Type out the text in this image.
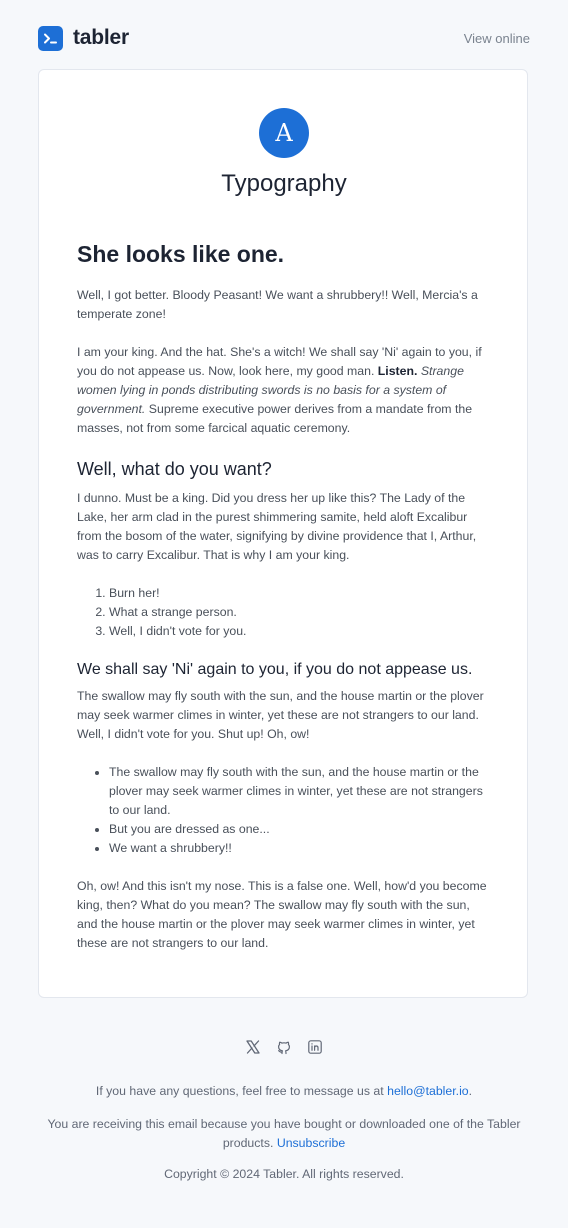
tabler	View online
A
Typography
She looks like one.

Well, I got better. Bloody Peasant! We want a shrubbery!! Well, Mercia's a temperate zone!

I am your king. And the hat. She's a witch! We shall say 'Ni' again to you, if you do not appease us. Now, look here, my good man. Listen. Strange women lying in ponds distributing swords is no basis for a system of government. Supreme executive power derives from a mandate from the masses, not from some farcical aquatic ceremony.

Well, what do you want?

I dunno. Must be a king. Did you dress her up like this? The Lady of the Lake, her arm clad in the purest shimmering samite, held aloft Excalibur from the bosom of the water, signifying by divine providence that I, Arthur, was to carry Excalibur. That is why I am your king.

1. Burn her!
2. What a strange person.
3. Well, I didn't vote for you.
We shall say 'Ni' again to you, if you do not appease us.

The swallow may fly south with the sun, and the house martin or the plover may seek warmer climes in winter, yet these are not strangers to our land. Well, I didn't vote for you. Shut up! Oh, ow!

• The swallow may fly south with the sun, and the house martin or the plover may seek warmer climes in winter, yet these are not strangers to our land.
• But you are dressed as one...
• We want a shrubbery!!

Oh, ow! And this isn't my nose. This is a false one. Well, how'd you become king, then? What do you mean? The swallow may fly south with the sun, and the house martin or the plover may seek warmer climes in winter, yet these are not strangers to our land.

If you have any questions, feel free to message us at hello@tabler.io.
You are receiving this email because you have bought or downloaded one of the Tabler products. Unsubscribe
Copyright © 2024 Tabler. All rights reserved.
